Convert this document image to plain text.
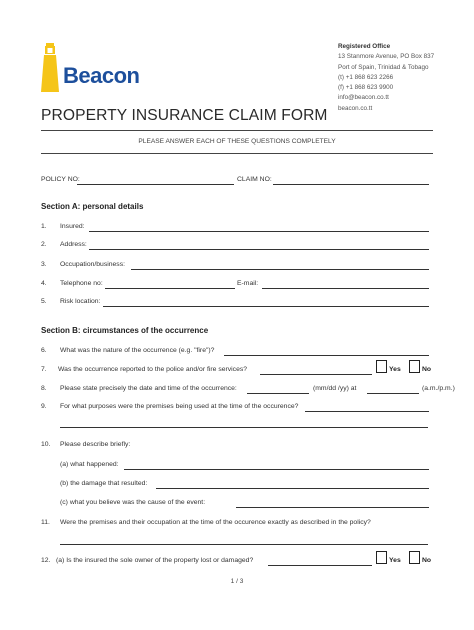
Beacon
Registered Office
13 Stanmore Avenue, PO Box 837
Port of Spain, Trinidad & Tobago
(t) +1 868 623 2266
(f) +1 868 623 9900
info@beacon.co.tt
beacon.co.tt
PROPERTY INSURANCE CLAIM FORM
PLEASE ANSWER EACH OF THESE QUESTIONS COMPLETELY
POLICY NO:	CLAIM NO:
Section A: personal details
1. Insured:
2. Address:
3. Occupation/business:
4. Telephone no:	E-mail:
5. Risk location:
Section B: circumstances of the occurrence
6. What was the nature of the occurrence (e.g. "fire")?
7. Was the occurrence reported to the police and/or fire services?	Yes	No
8. Please state precisely the date and time of the occurrence:	(mm/dd /yy) at	(a.m./p.m.)
9. For what purposes were the premises being used at the time of the occurence?
10. Please describe briefly:
(a) what happened:
(b) the damage that resulted:
(c) what you believe was the cause of the event:
11. Were the premises and their occupation at the time of the occurence exactly as described in the policy?
12. (a) Is the insured the sole owner of the property lost or damaged?	Yes	No
1 / 3
